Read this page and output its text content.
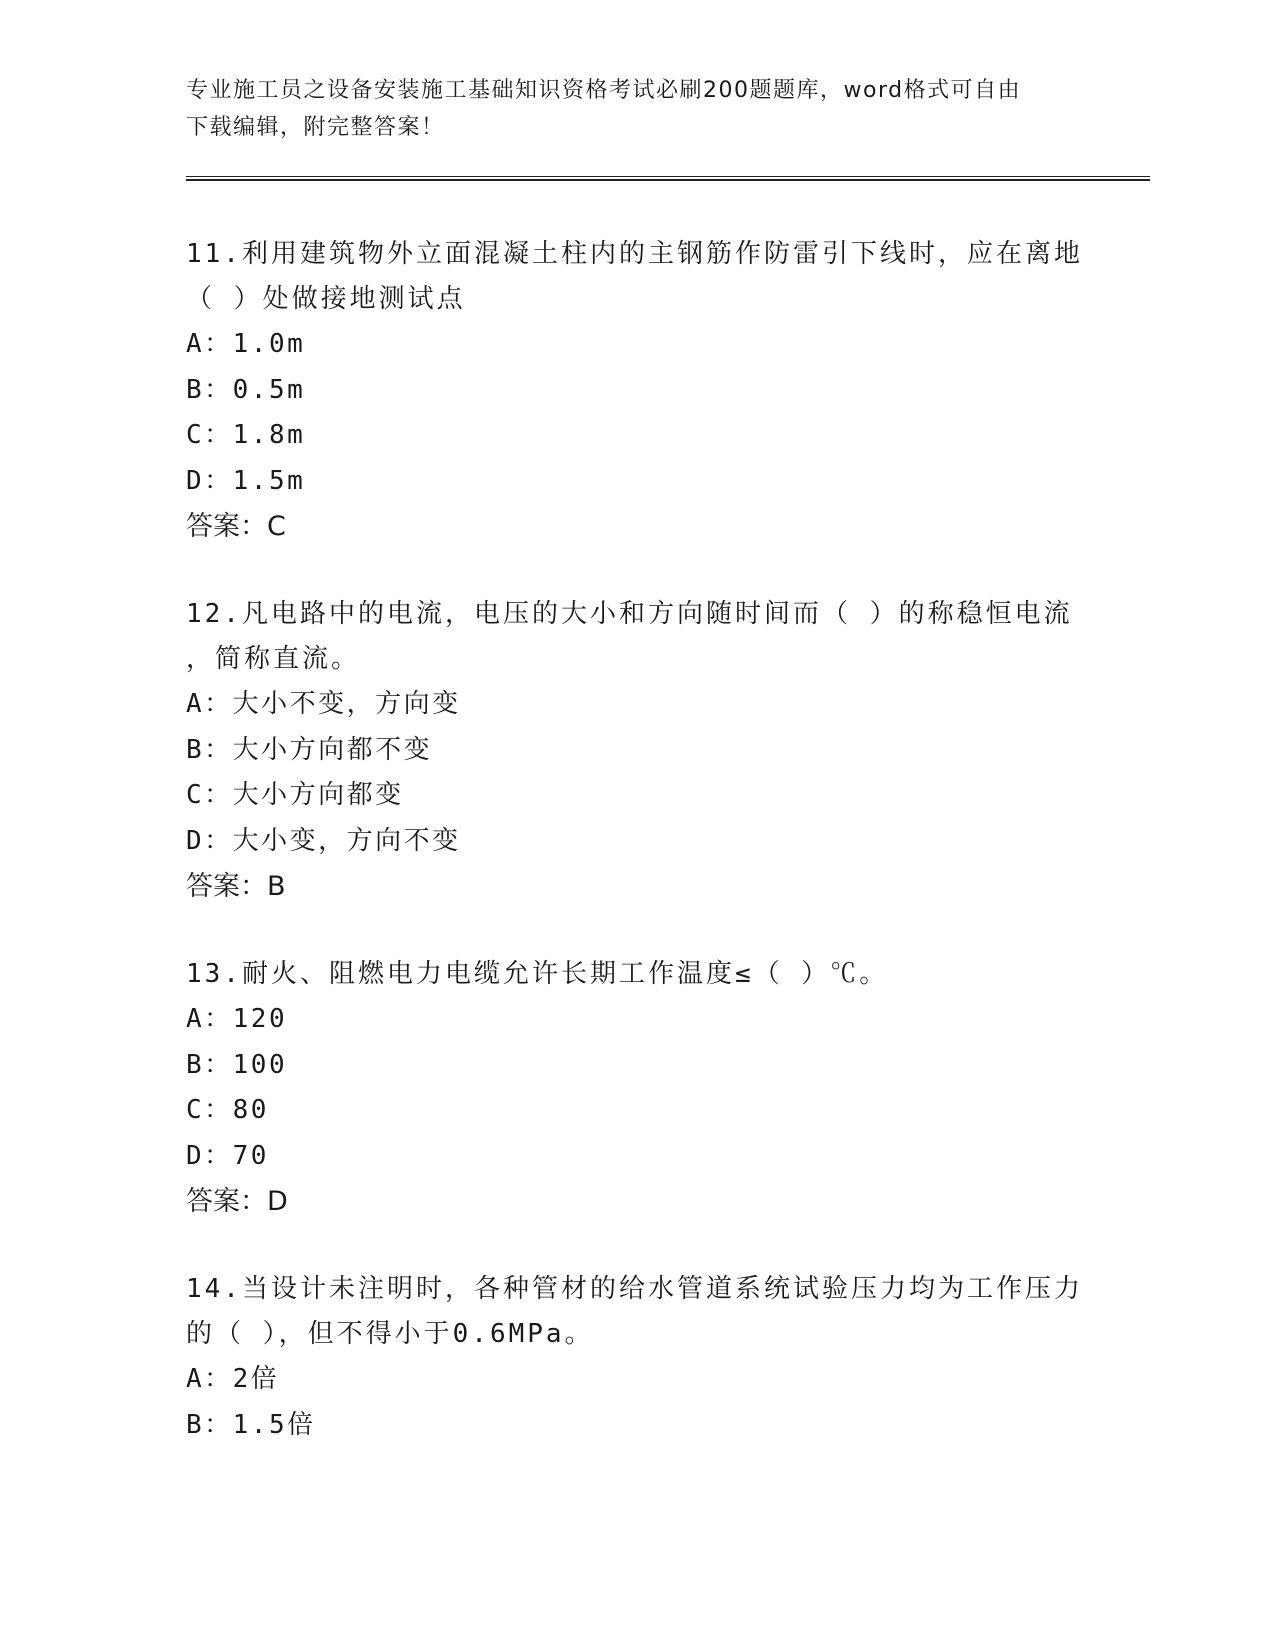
专业施工员之设备安装施工基础知识资格考试必刷200题题库，word格式可自由
下载编辑，附完整答案！

11.利用建筑物外立面混凝土柱内的主钢筋作防雷引下线时，应在离地

（ ）处做接地测试点

A：1.0m

B：0.5m

C：1.8m

D：1.5m

答案：C

12.凡电路中的电流，电压的大小和方向随时间而（ ）的称稳恒电流

，简称直流。

A：大小不变，方向变

B：大小方向都不变

C：大小方向都变

D：大小变，方向不变

答案：B

13.耐火、阻燃电力电缆允许长期工作温度≤（ ）℃。

A：120

B：100

C：80

D：70

答案：D

14.当设计未注明时，各种管材的给水管道系统试验压力均为工作压力

的（ ），但不得小于0.6MPa。

A：2倍

B：1.5倍
